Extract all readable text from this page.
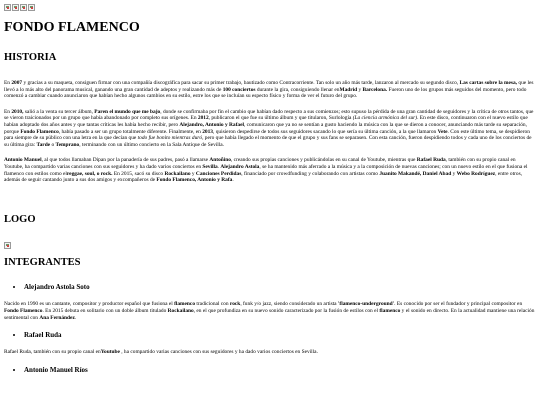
FONDO FLAMENCO
HISTORIA

En 2007 y gracias a su maqueta, consiguen firmar con una compañía discográfica para sacar su primer trabajo, bautizado como Contracorriente. Tan solo un año más tarde, lanzaron al mercado su segundo disco, Las cartas sobre la mesa, que les llevó a lo más alto del panorama musical, ganando una gran cantidad de adeptos y realizando más de 100 conciertos durante la gira, consiguiendo llenar enMadrid y Barcelona. Fueron uno de los grupos más seguidos del momento, pero todo comenzó a cambiar cuando anunciaron que habían hecho algunos cambios en su estilo, estre los que se incluían su especto físico y forma de ver el futuro del grupo.

En 2010, salió a la venta su tercer álbum, Paren el mundo que me bajo, donde se confirmaba por fin el cambio que habían dado respecto a sus comienzos; esto supuso la pérdida de una gran cantidad de seguidores y la crítica de otros tantos, que se vieron traicionados por un grupo que había abandonado por completo sus orígenes. En 2012, publicaron el que fue su último álbum y que titularon, Surlología (La ciencia armónica del sur). En este disco, continuaron con el nuevo estilo que habían adoptado dos años antes y que tantas críticas les había hecho recibir, pero Alejandro, Antonio y Rafael, comunicaron que ya no se sentían a gusto haciendo la música con la que se dieron a conocer, anunciando más tarde su separación, porque Fondo Flamenco, había pasado a ser un grupo totalmente diferente. Finalmente, en 2013, quisieron despedirse de todos sus seguidores sacando lo que sería su última canción, a la que llamaron Vete. Con este último tema, se despidieron para siempre de su público con una letra en la que decían que todo fue bonito mientras duró, pero que había llegado el momento de que el grupo y sus fans se separasen. Con esta canción, fueron despidiendo todos y cada uno de los conciertos de su última gira: Tarde o Temprano, terminando con un último concierto en la Sala Antique de Sevilla.

Antonio Manuel, al que todos llamaban Dipan por la panadería de sus padres, pasó a llamarse Antoñino, creando sus propias canciones y publicándolas en su canal de Youtube, mientras que Rafael Ruda, también con su propio canal en Youtube, ha compartido varias canciones con sus seguidores y ha dado varios conciertos en Sevilla. Alejandro Astola, se ha mantenido más aferrado a la música y a la composición de nuevas canciones; con un nuevo estilo en el que fusiona el flamenco con estilos como elreggae, soul, o rock. En 2015, sacó su disco Rockailano y Canciones Perdidas, financiado por crowdfunding y colaborando con artistas como Juanito Makandé, Daniel Abad y Webo Rodríguez, entre otros, además de seguir cantando junto a sus dos amigos y excompañeros de Fondo Flamenco, Antonio y Rafa.

LOGO
INTEGRANTES
• Alejandro Astola Soto

Nacido en 1990 es un cantante, compositor y productor español que fusiona el flamenco tradicional con rock, funk y/o jazz, siendo considerado un artista 'flamenco-underground'. Es conocido por ser el fundador y principal compositor en Fondo Flamenco. En 2015 debuta en solitario con un doble álbum titulado Rockailano, en el que profundiza en su nuevo sonido caracterizado por la fusión de estilos con el flamenco y el sonido en directo. En la actualidad mantiene una relación sentimental con Ana Fernández.

• Rafael Ruda

Rafael Ruda, también con su propio canal enYoutube , ha compartido varias canciones con sus seguidores y ha dado varios conciertos en Sevilla.

• Antonio Manuel Ríos
